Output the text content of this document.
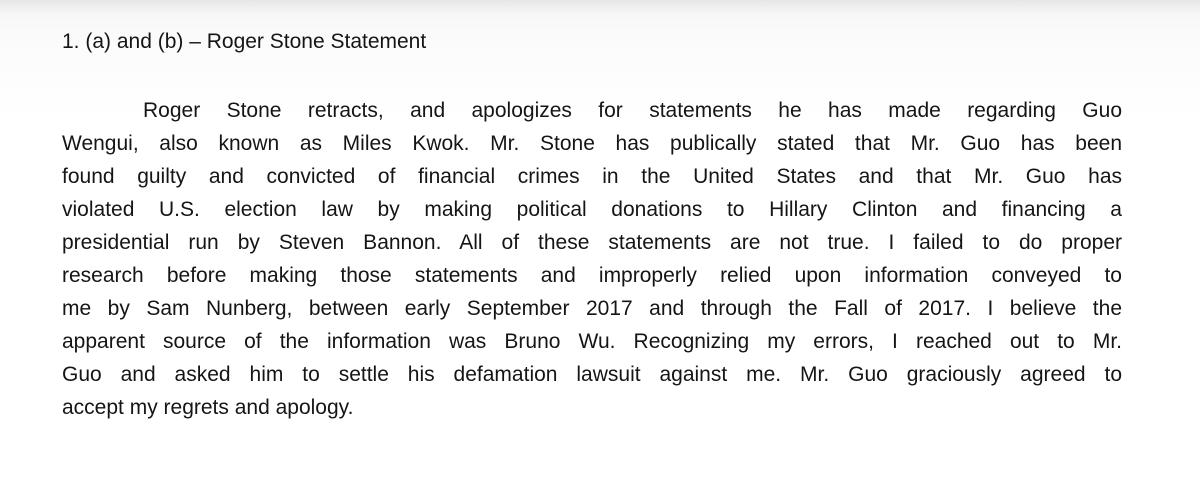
1. (a) and (b) – Roger Stone Statement
Roger Stone retracts, and apologizes for statements he has made regarding Guo
Wengui, also known as Miles Kwok. Mr. Stone has publically stated that Mr. Guo has been
found guilty and convicted of financial crimes in the United States and that Mr. Guo has
violated U.S. election law by making political donations to Hillary Clinton and financing a
presidential run by Steven Bannon. All of these statements are not true. I failed to do proper
research before making those statements and improperly relied upon information conveyed to
me by Sam Nunberg, between early September 2017 and through the Fall of 2017. I believe the
apparent source of the information was Bruno Wu. Recognizing my errors, I reached out to Mr.
Guo and asked him to settle his defamation lawsuit against me. Mr. Guo graciously agreed to
accept my regrets and apology.
